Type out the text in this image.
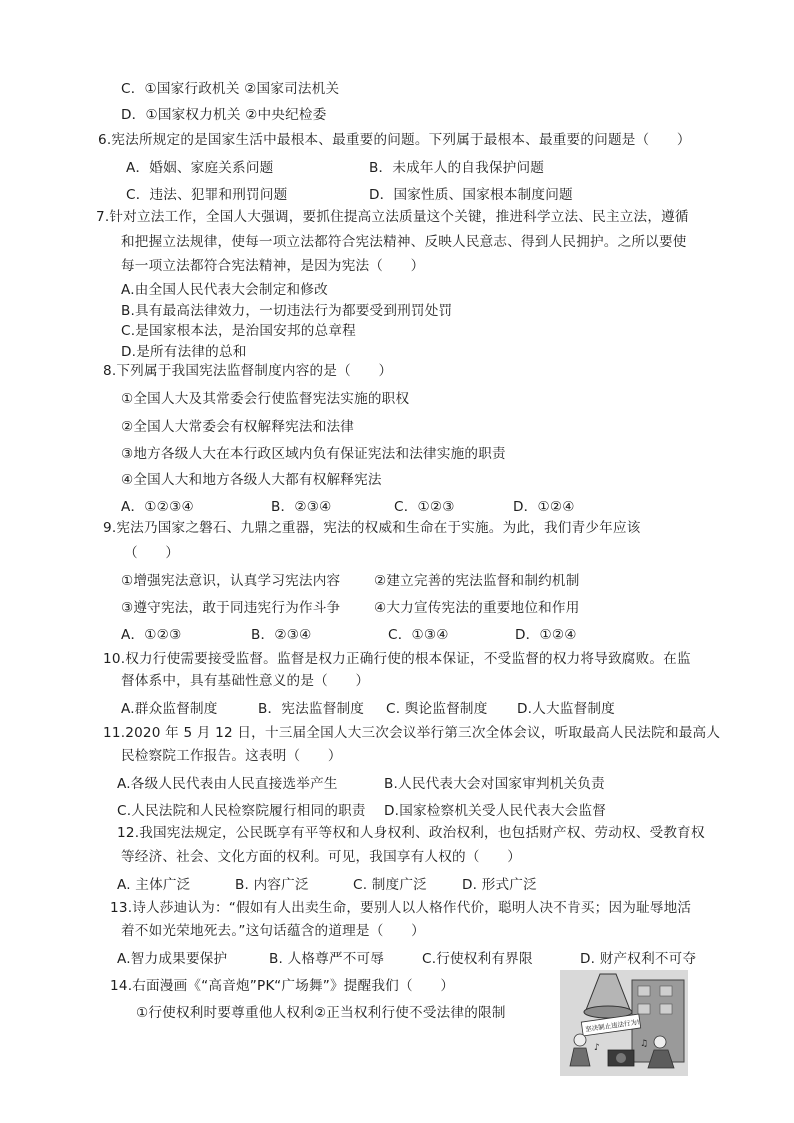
C．①国家行政机关 ②国家司法机关
D．①国家权力机关 ②中央纪检委
6.宪法所规定的是国家生活中最根本、最重要的问题。下列属于最根本、最重要的问题是（　　）
A．婚姻、家庭关系问题	B．未成年人的自我保护问题
C．违法、犯罪和刑罚问题	D．国家性质、国家根本制度问题
7.针对立法工作，全国人大强调，要抓住提高立法质量这个关键，推进科学立法、民主立法，遵循
和把握立法规律，使每一项立法都符合宪法精神、反映人民意志、得到人民拥护。之所以要使
每一项立法都符合宪法精神，是因为宪法（　　）
A.由全国人民代表大会制定和修改
B.具有最高法律效力，一切违法行为都要受到刑罚处罚
C.是国家根本法，是治国安邦的总章程
D.是所有法律的总和
8.下列属于我国宪法监督制度内容的是（　　）
①全国人大及其常委会行使监督宪法实施的职权
②全国人大常委会有权解释宪法和法律
③地方各级人大在本行政区域内负有保证宪法和法律实施的职责
④全国人大和地方各级人大都有权解释宪法
A．①②③④	B．②③④	C．①②③	D．①②④
9.宪法乃国家之磐石、九鼎之重器，宪法的权威和生命在于实施。为此，我们青少年应该
（　　）
①增强宪法意识，认真学习宪法内容 ②建立完善的宪法监督和制约机制
③遵守宪法，敢于同违宪行为作斗争 ④大力宣传宪法的重要地位和作用
A．①②③	B．②③④	C．①③④	D．①②④
10.权力行使需要接受监督。监督是权力正确行使的根本保证，不受监督的权力将导致腐败。在监
督体系中，具有基础性意义的是（　　）
A.群众监督制度	B．宪法监督制度 C. 舆论监督制度 D.人大监督制度
11.2020 年 5 月 12 日，十三届全国人大三次会议举行第三次全体会议，听取最高人民法院和最高人
民检察院工作报告。这表明（　　）
A.各级人民代表由人民直接选举产生	B.人民代表大会对国家审判机关负责
C.人民法院和人民检察院履行相同的职责 D.国家检察机关受人民代表大会监督
12.我国宪法规定，公民既享有平等权和人身权利、政治权利，也包括财产权、劳动权、受教育权
等经济、社会、文化方面的权利。可见，我国享有人权的（　　）
A. 主体广泛	B. 内容广泛	C. 制度广泛	D. 形式广泛
13.诗人莎迪认为：“假如有人出卖生命，要别人以人格作代价，聪明人决不肯买；因为耻辱地活
着不如光荣地死去。”这句话蕴含的道理是（　　）
A.智力成果要保护	B. 人格尊严不可辱	C.行使权利有界限	D. 财产权利不可夺
14.右面漫画《“高音炮”PK“广场舞”》提醒我们（　　）
①行使权利时要尊重他人权利②正当权利行使不受法律的限制
坚决制止违法行为!
♪	♫
